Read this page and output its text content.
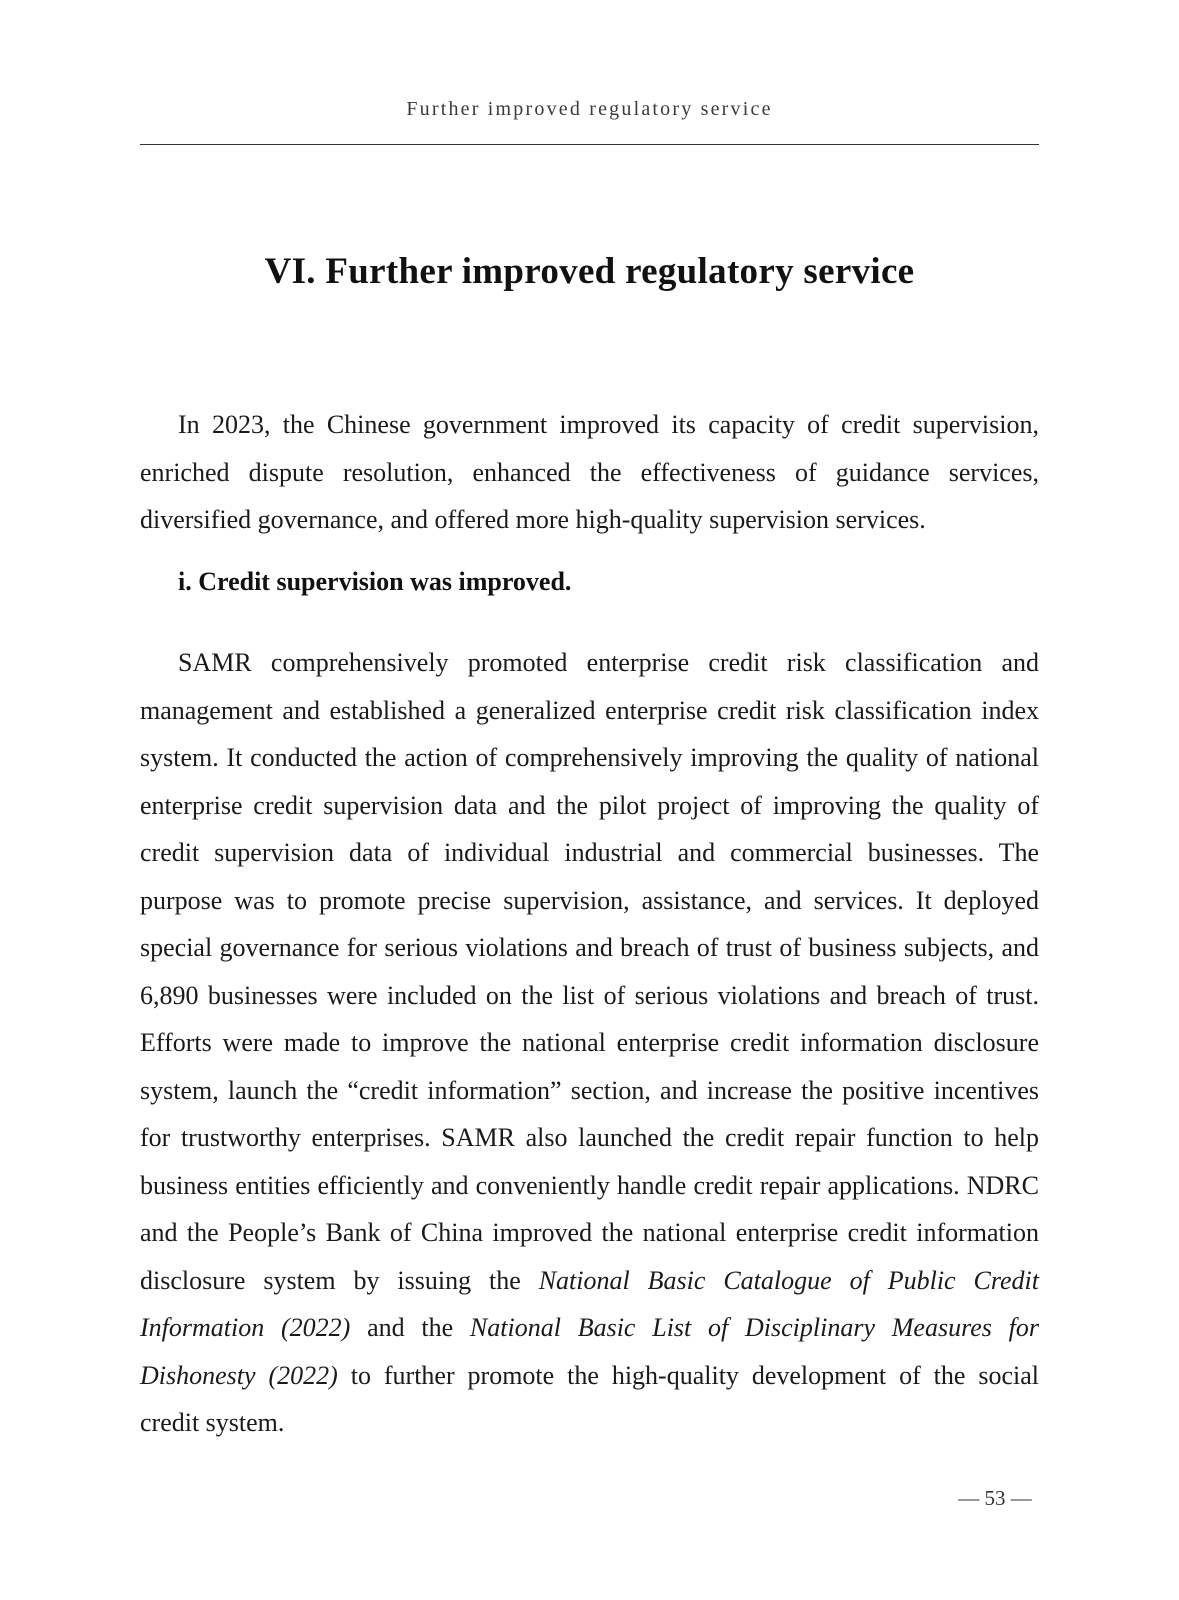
Further improved regulatory service
VI. Further improved regulatory service

In 2023, the Chinese government improved its capacity of credit supervision, enriched dispute resolution, enhanced the effectiveness of guidance services, diversified governance, and offered more high-quality supervision services.

i. Credit supervision was improved.

SAMR comprehensively promoted enterprise credit risk classification and management and established a generalized enterprise credit risk classification index system. It conducted the action of comprehensively improving the quality of national enterprise credit supervision data and the pilot project of improving the quality of credit supervision data of individual industrial and commercial businesses. The purpose was to promote precise supervision, assistance, and services. It deployed special governance for serious violations and breach of trust of business subjects, and 6,890 businesses were included on the list of serious violations and breach of trust. Efforts were made to improve the national enterprise credit information disclosure system, launch the “credit information” section, and increase the positive incentives for trustworthy enterprises. SAMR also launched the credit repair function to help business entities efficiently and conveniently handle credit repair applications. NDRC and the People’s Bank of China improved the national enterprise credit information disclosure system by issuing the National Basic Catalogue of Public Credit Information (2022) and the National Basic List of Disciplinary Measures for Dishonesty (2022) to further promote the high-quality development of the social credit system.

— 53 —
